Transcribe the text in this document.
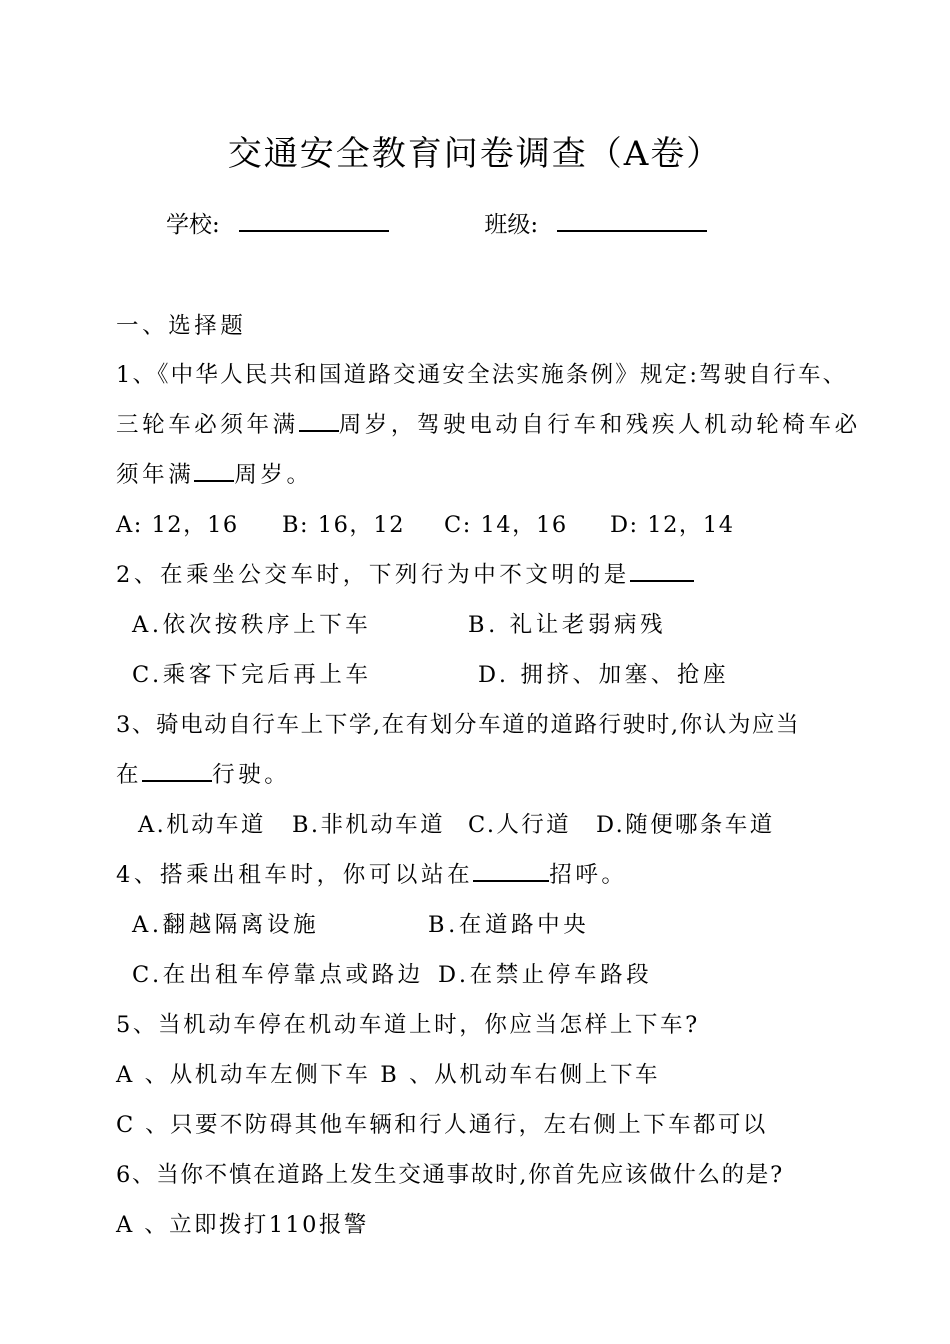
交通安全教育问卷调查（A卷）
学校:	班级:
一、选择题
1、《中华人民共和国道路交通安全法实施条例》规定:驾驶自行车、
三轮车必须年满 周岁，驾驶电动自行车和残疾人机动轮椅车必
须年满 周岁。
A: 12，16 B: 16，12 C: 14，16 D: 12，14
2、在乘坐公交车时，下列行为中不文明的是
A.依次按秩序上下车	B. 礼让老弱病残
C.乘客下完后再上车	D. 拥挤、加塞、抢座
3、骑电动自行车上下学,在有划分车道的道路行驶时,你认为应当
在	行驶。
A.机动车道 B.非机动车道 C.人行道 D.随便哪条车道
4、搭乘出租车时，你可以站在	招呼。
A.翻越隔离设施	B.在道路中央
C.在出租车停靠点或路边 D.在禁止停车路段
5、当机动车停在机动车道上时，你应当怎样上下车?
A 、从机动车左侧下车 B 、从机动车右侧上下车
C 、只要不防碍其他车辆和行人通行，左右侧上下车都可以
6、当你不慎在道路上发生交通事故时,你首先应该做什么的是?
A 、立即拨打110报警
